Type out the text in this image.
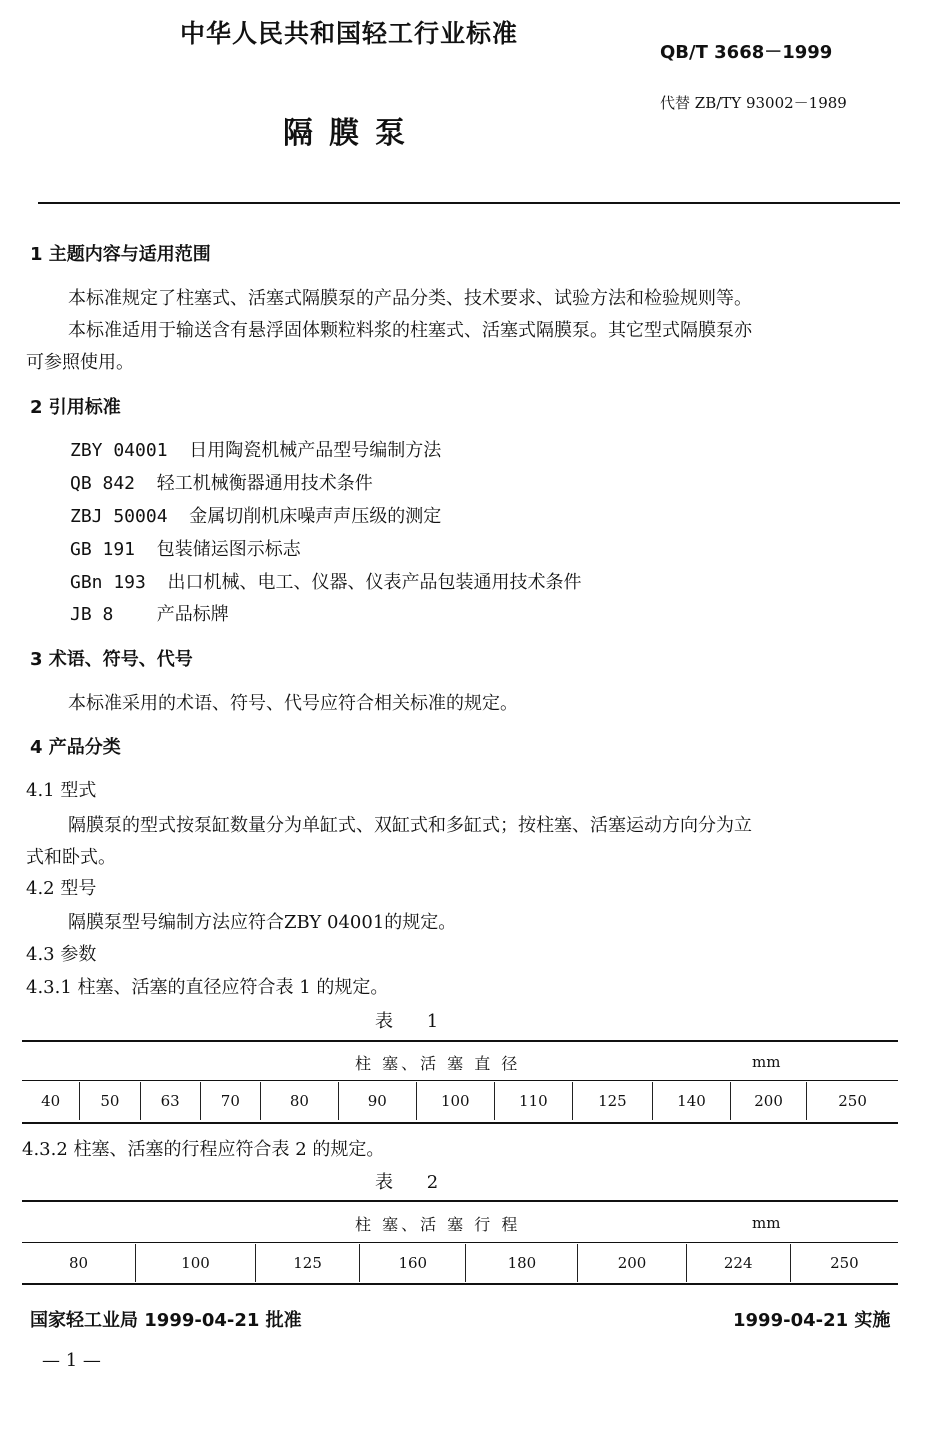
中华人民共和国轻工行业标准
QB/T 3668－1999
代替 ZB/TY 93002－1989
隔膜泵
1 主题内容与适用范围
本标准规定了柱塞式、活塞式隔膜泵的产品分类、技术要求、试验方法和检验规则等。
本标准适用于输送含有悬浮固体颗粒料浆的柱塞式、活塞式隔膜泵。其它型式隔膜泵亦
可参照使用。
2 引用标准
ZBY 04001 日用陶瓷机械产品型号编制方法
QB 842 轻工机械衡器通用技术条件
ZBJ 50004 金属切削机床噪声声压级的测定
GB 191 包装储运图示标志
GBn 193 出口机械、电工、仪器、仪表产品包装通用技术条件
JB 8 产品标牌
3 术语、符号、代号
本标准采用的术语、符号、代号应符合相关标准的规定。
4 产品分类
4.1 型式
隔膜泵的型式按泵缸数量分为单缸式、双缸式和多缸式；按柱塞、活塞运动方向分为立
式和卧式。
4.2 型号
隔膜泵型号编制方法应符合ZBY 04001的规定。
4.3 参数
4.3.1 柱塞、活塞的直径应符合表 1 的规定。
表 1
柱 塞、活 塞 直 径	mm
40	50	63	70	80	90	100	110	125	140	200	250
4.3.2 柱塞、活塞的行程应符合表 2 的规定。
表 2
柱 塞、活 塞 行 程	mm
80	100	125	160	180	200	224	250
国家轻工业局 1999-04-21 批准	1999-04-21 实施
— 1 —
